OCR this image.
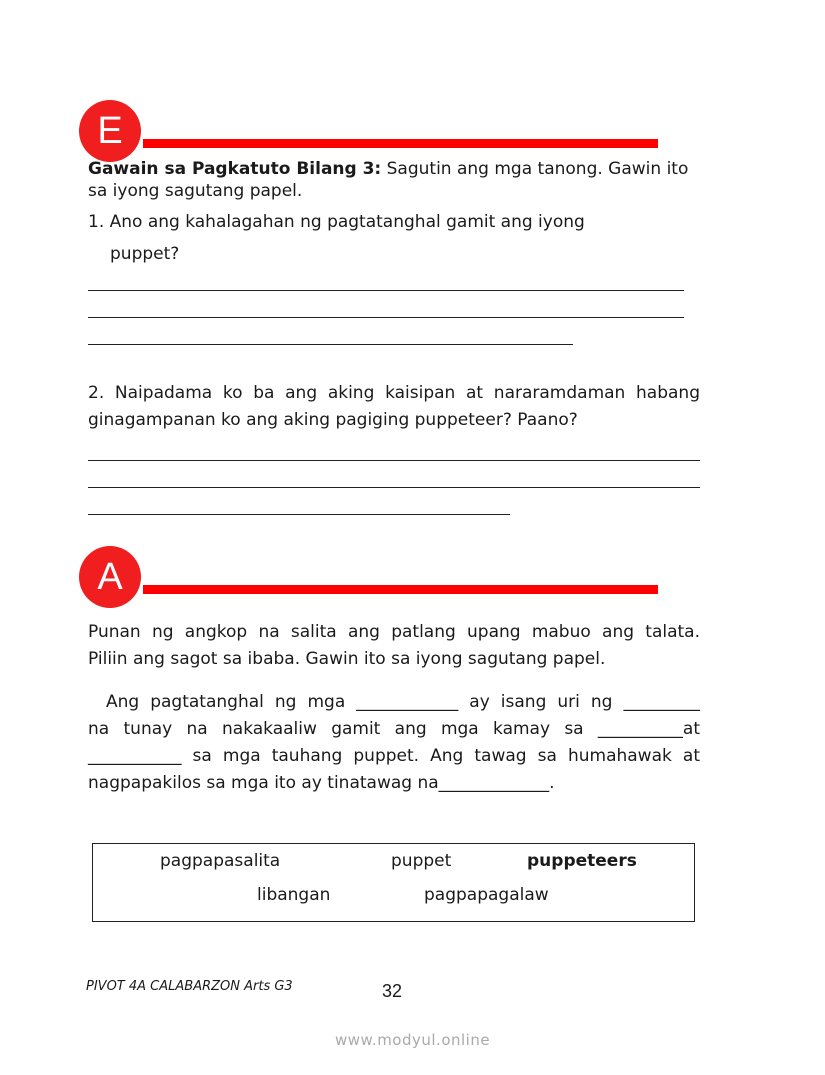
E
Gawain sa Pagkatuto Bilang 3: Sagutin ang mga tanong. Gawin ito
sa iyong sagutang papel.
1. Ano ang kahalagahan ng pagtatanghal gamit ang iyong
puppet?
2. Naipadama ko ba ang aking kaisipan at nararamdaman habang
ginagampanan ko ang aking pagiging puppeteer? Paano?
A
Punan ng angkop na salita ang patlang upang mabuo ang talata.
Piliin ang sagot sa ibaba. Gawin ito sa iyong sagutang papel.
Ang pagtatanghal ng mga ____________ ay isang uri ng _________
na tunay na nakakaaliw gamit ang mga kamay sa __________at
___________ sa mga tauhang puppet. Ang tawag sa humahawak at
nagpapakilos sa mga ito ay tinatawag na_____________.
pagpapasalita	puppet	puppeteers
libangan	pagpapagalaw
PIVOT 4A CALABARZON Arts G3	32
www.modyul.online
